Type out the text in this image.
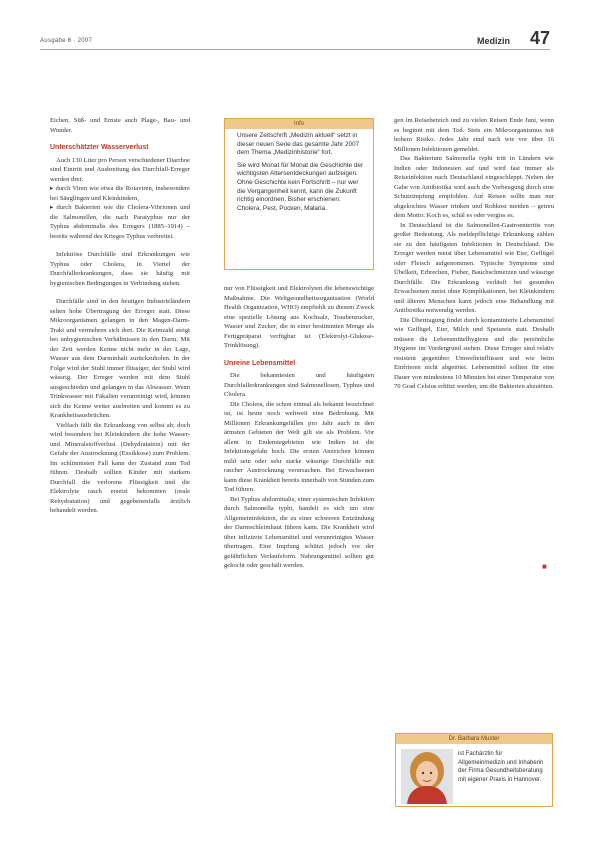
Ausgabe 6 · 2007	Medizin 47

Eichen, Süß- und Ernste auch Plage-, Bau- und Wunder.

Unterschätzter Wasserverlust

Auch 130 Liter pro Person verschiedener Diarrhoe sind Eintritt und Ausbreitung des Durchfall-Erreger werden drei:

▸ durch Viren wie etwa die Rotaviren, insbesondere bei Säuglingen und Kleinkindern,

▸ durch Bakterien wie die Cholera-Vibrionen und die Salmonellen, die nach Paratyphus nur der Typhus abdominalis des Erregers (1885–1914) – bereits während des Krieges Typhus verbreitet.

Infektiöse Durchfälle sind Erkrankungen wie Typhus oder Cholera, in Viertel der Durchfallerkrankungen, dass sie häufig mit hygienischen Bedingungen in Verbindung stehen.

Durchfälle sind in den heutigen Industrieländern selten hohe Übertragung der Erreger statt. Diese Mikroorganismen gelangen in den Magen-Darm-Trakt und vermehren sich dort. Die Keimzahl steigt bei unhygienischen Verhältnissen in den Darm. Mit der Zeit werden Keime nicht mehr in der Lage, Wasser aus dem Darminhalt zurückzuholen. In der Folge wird der Stuhl immer flüssiger, der Stuhl wird wässrig. Der Erreger werden mit dem Stuhl ausgeschieden und gelangen in das Abwasser. Wenn Trinkwasser mit Fäkalien verunreinigt wird, können sich die Keime weiter ausbreiten und kommt es zu Krankheitsausbrüchen.

Vielfach fällt die Erkrankung von selbst ab; doch wird besonders bei Kleinkindern die hohe Wasser- und Mineralstoffverlust (Dehydratation) mit der Gefahr der Austrocknung (Exsikkose) zum Problem. Im schlimmsten Fall kann der Zustand zum Tod führen. Deshalb sollten Kinder mit starkem Durchfall die verlorene Flüssigkeit und die Elektrolyte rasch ersetzt bekommen (orale Rehydratation) und gegebenenfalls ärztlich behandelt werden.

Info

Unsere Zeitschrift „Medizin aktuell“ setzt in dieser neuen Serie das gesamte Jahr 2007 dem Thema „Medizinhistorie“ fort.

Sie wird Monat für Monat die Geschichte der wichtigsten Altersentdeckungen aufzeigen. Ohne Geschichte kein Fortschritt – nur wer die Vergangenheit kennt, kann die Zukunft richtig einordnen. Bisher erschienen: Cholera, Pest, Pocken, Malaria.

nur von Flüssigkeit und Elektrolyten die lebenswichtige Maßnahme. Die Weltgesundheitsorganisation (World Health Organization, WHO) empfiehlt zu diesem Zweck eine spezielle Lösung aus Kochsalz, Traubenzucker, Wasser und Zucker, die in einer bestimmten Menge als Fertigpräparat verfügbar ist (Elektrolyt-Glukose-Trinklösung).

Unreine Lebensmittel

Die bekanntesten und häufigsten Durchfallerkrankungen sind Salmonellosen, Typhus und Cholera.

Die Cholera, die schon einmal als bekannt bezeichnet ist, ist heute noch weltweit eine Bedrohung. Mit Millionen Erkrankungsfällen pro Jahr auch in den ärmsten Gebieten der Welt gilt sie als Problem. Vor allem in Endemiegebieten wie Indien ist die Infektionsgefahr hoch. Die ersten Anzeichen können mild sein oder sehr starke wässrige Durchfälle mit rascher Austrocknung verursachen. Bei Erwachsenen kann diese Krankheit bereits innerhalb von Stunden zum Tod führen.

Bei Typhus abdominalis, einer systemischen Infektion durch Salmonella typhi, handelt es sich um eine Allgemeininfektion, die zu einer schweren Entzündung der Darmschleimhaut führen kann. Die Krankheit wird über infizierte Lebensmittel und verunreinigtes Wasser übertragen. Eine Impfung schützt jedoch vor der gefährlichen Verlaufsform. Nahrungsmittel sollten gut gekocht oder geschält werden.

gen im Reisebereich und zu vielen Reisen Ende Juni, wenn es beginnt mit dem Tod. Stets ein Mikroorganismus mit hohem Risiko. Jedes Jahr sind nach wie vor über 16 Millionen Infektionen gemeldet.

Das Bakterium Salmonella typhi tritt in Ländern wie Indien oder Indonesien auf und wird fast immer als Reiseinfektion nach Deutschland eingeschleppt. Neben der Gabe von Antibiotika wird auch die Vorbeugung durch eine Schutzimpfung empfohlen. Auf Reisen sollte man nur abgekochtes Wasser trinken und Rohkost meiden – getreu dem Motto: Koch es, schäl es oder vergiss es.

In Deutschland ist die Salmonellen-Gastroenteritis von großer Bedeutung. Als meldepflichtige Erkrankung zählen sie zu den häufigsten Infektionen in Deutschland. Die Erreger werden meist über Lebensmittel wie Eier, Geflügel oder Fleisch aufgenommen. Typische Symptome sind Übelkeit, Erbrechen, Fieber, Bauchschmerzen und wässrige Durchfälle. Die Erkrankung verläuft bei gesunden Erwachsenen meist ohne Komplikationen, bei Kleinkindern und älteren Menschen kann jedoch eine Behandlung mit Antibiotika notwendig werden.

Die Übertragung findet durch kontaminierte Lebensmittel wie Geflügel, Eier, Milch und Speiseeis statt. Deshalb müssen die Lebensmittelhygiene und die persönliche Hygiene im Vordergrund stehen. Diese Erreger sind relativ resistent gegenüber Umwelteinflüssen und wie beim Einfrieren nicht abgetötet. Lebensmittel sollten für eine Dauer von mindestens 10 Minuten bei einer Temperatur von 70 Grad Celsius erhitzt werden, um die Bakterien abzutöten.

■
Dr. Barbara Muster
ist Fachärztin für Allgemeinmedizin und Inhaberin der Firma Gesundheitsberatung mit eigener Praxis in Hannover.
